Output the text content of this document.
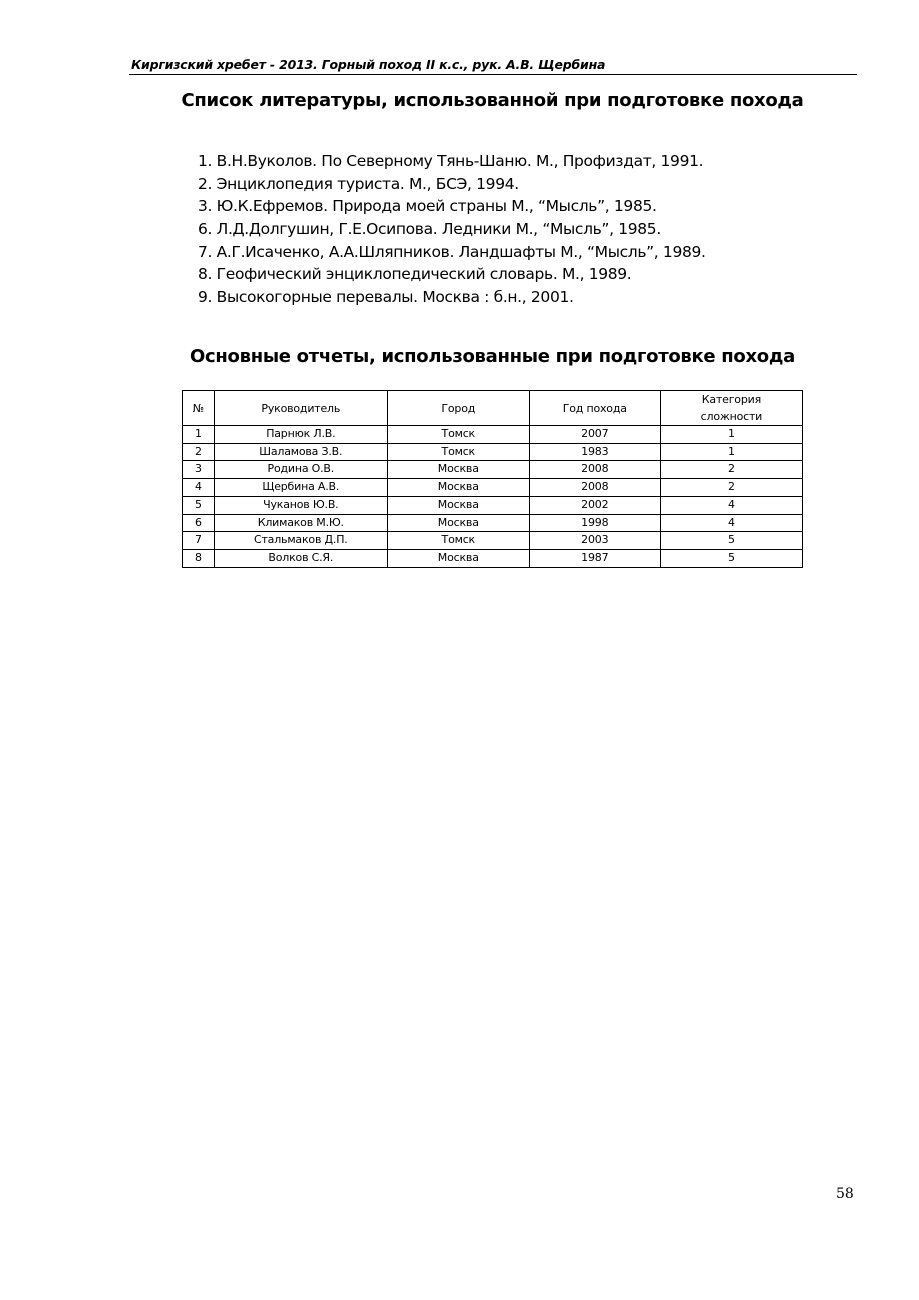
Киргизский хребет - 2013. Горный поход II к.с., рук. А.В. Щербина
Список литературы, использованной при подготовке похода
1. В.Н.Вуколов. По Северному Тянь-Шаню. М., Профиздат, 1991.
2. Энциклопедия туриста. М., БСЭ, 1994.
3. Ю.К.Ефремов. Природа моей страны М., “Мысль”, 1985.
6. Л.Д.Долгушин, Г.Е.Осипова. Ледники М., “Мысль”, 1985.
7. А.Г.Исаченко, А.А.Шляпников. Ландшафты М., “Мысль”, 1989.
8. Геофический энциклопедический словарь. М., 1989.
9. Высокогорные перевалы. Москва : б.н., 2001.
Основные отчеты, использованные при подготовке похода
№	Руководитель	Город	Год похода	Категория
сложности
1	Парнюк Л.В.	Томск	2007	1
2	Шаламова З.В.	Томск	1983	1
3	Родина О.В.	Москва	2008	2
4	Щербина А.В.	Москва	2008	2
5	Чуканов Ю.В.	Москва	2002	4
6	Климаков М.Ю.	Москва	1998	4
7	Стальмаков Д.П.	Томск	2003	5
8	Волков С.Я.	Москва	1987	5
58
